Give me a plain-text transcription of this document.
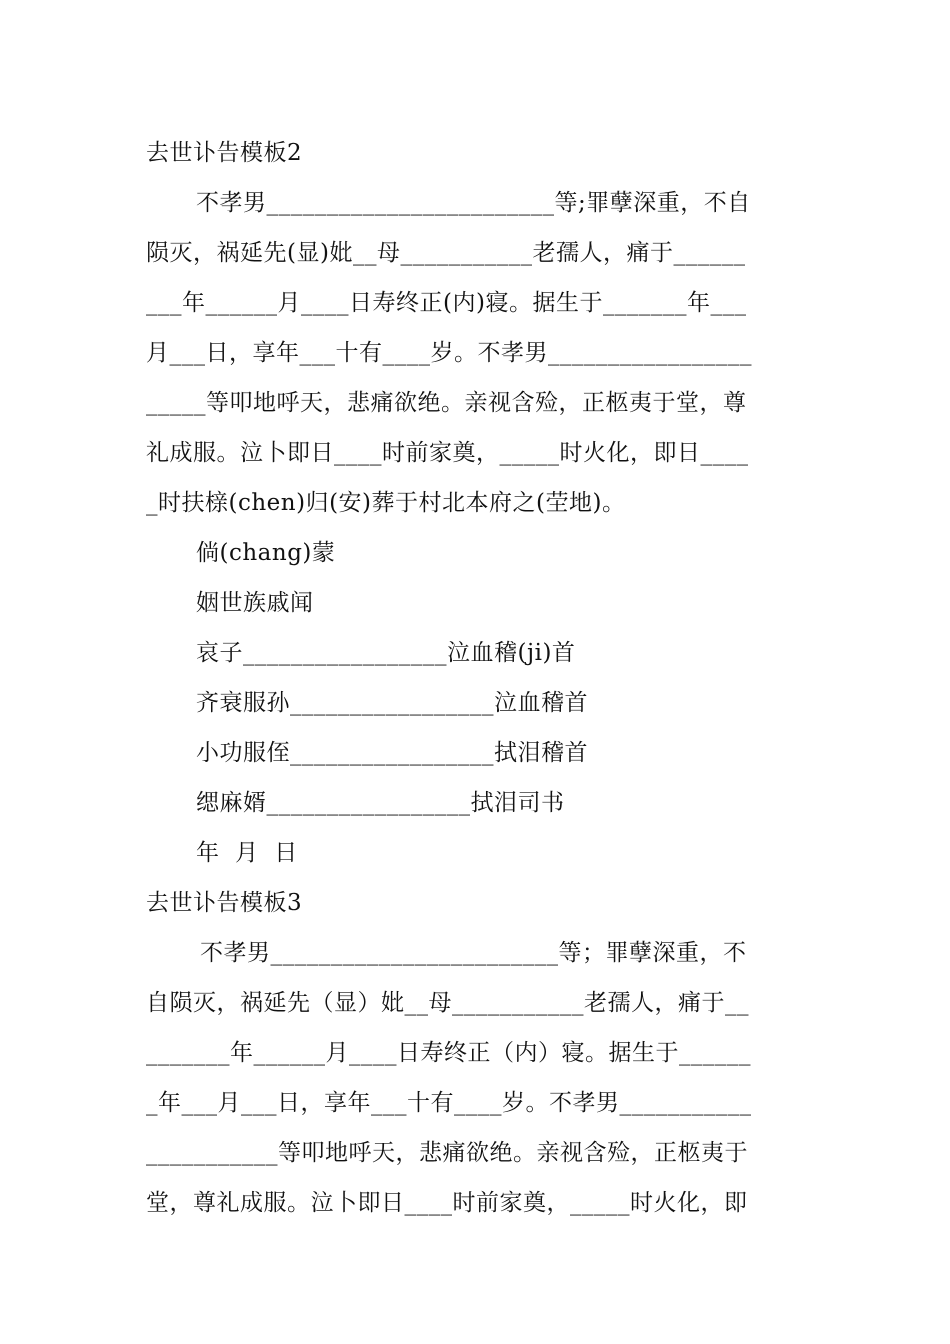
去世讣告模板2
不孝男________________________等;罪孽深重，不自
陨灭，祸延先(显)妣__母___________老孺人，痛于______
___年______月____日寿终正(内)寝。据生于_______年___
月___日，享年___十有____岁。不孝男_________________
_____等叩地呼天，悲痛欲绝。亲视含殓，正柩夷于堂，尊
礼成服。泣卜即日____时前家奠，_____时火化，即日____
_时扶榇(chen)归(安)葬于村北本府之(茔地)。
倘(chang)蒙
姻世族戚闻
哀子_________________泣血稽(ji)首
齐衰服孙_________________泣血稽首
小功服侄_________________拭泪稽首
缌麻婿_________________拭泪司书
年  月  日
去世讣告模板3
不孝男________________________等；罪孽深重，不
自陨灭，祸延先（显）妣__母___________老孺人，痛于__
_______年______月____日寿终正（内）寝。据生于______
_年___月___日，享年___十有____岁。不孝男___________
___________等叩地呼天，悲痛欲绝。亲视含殓，正柩夷于
堂，尊礼成服。泣卜即日____时前家奠，_____时火化，即
